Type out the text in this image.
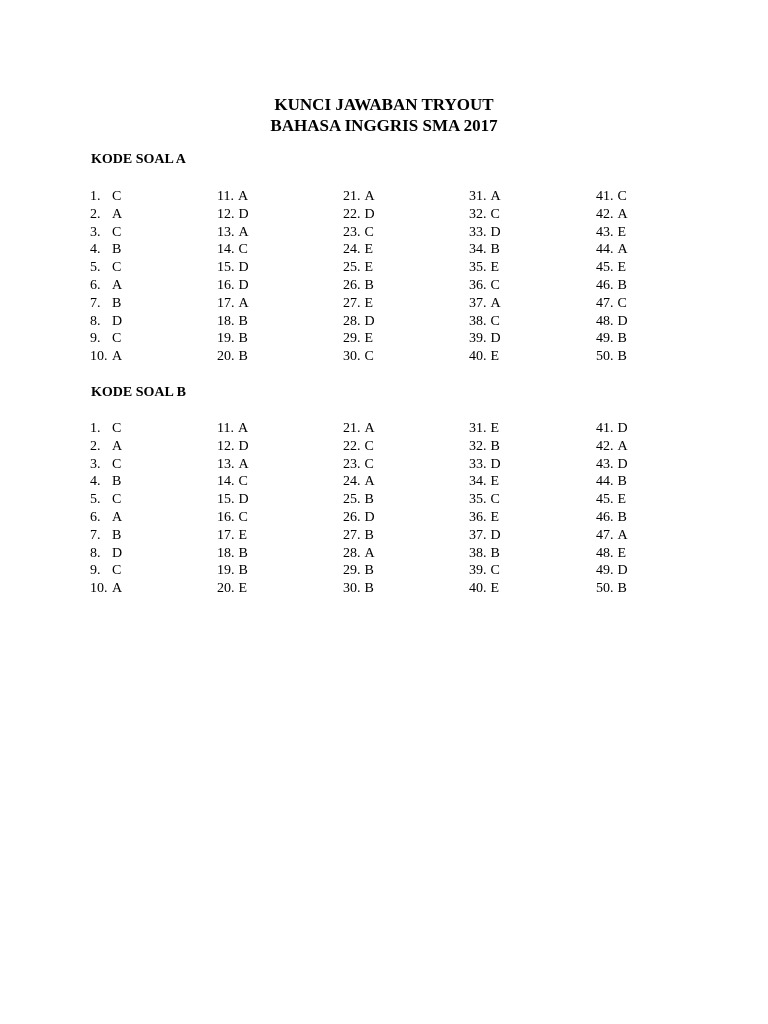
KUNCI JAWABAN TRYOUT
BAHASA INGGRIS SMA 2017
KODE SOAL A
1. C
2. A
3. C
4. B
5. C
6. A
7. B
8. D
9. C
10. A
11. A
12. D
13. A
14. C
15. D
16. D
17. A
18. B
19. B
20. B
21. A
22. D
23. C
24. E
25. E
26. B
27. E
28. D
29. E
30. C
31. A
32. C
33. D
34. B
35. E
36. C
37. A
38. C
39. D
40. E
41. C
42. A
43. E
44. A
45. E
46. B
47. C
48. D
49. B
50. B
KODE SOAL B
1. C
2. A
3. C
4. B
5. C
6. A
7. B
8. D
9. C
10. A
11. A
12. D
13. A
14. C
15. D
16. C
17. E
18. B
19. B
20. E
21. A
22. C
23. C
24. A
25. B
26. D
27. B
28. A
29. B
30. B
31. E
32. B
33. D
34. E
35. C
36. E
37. D
38. B
39. C
40. E
41. D
42. A
43. D
44. B
45. E
46. B
47. A
48. E
49. D
50. B
